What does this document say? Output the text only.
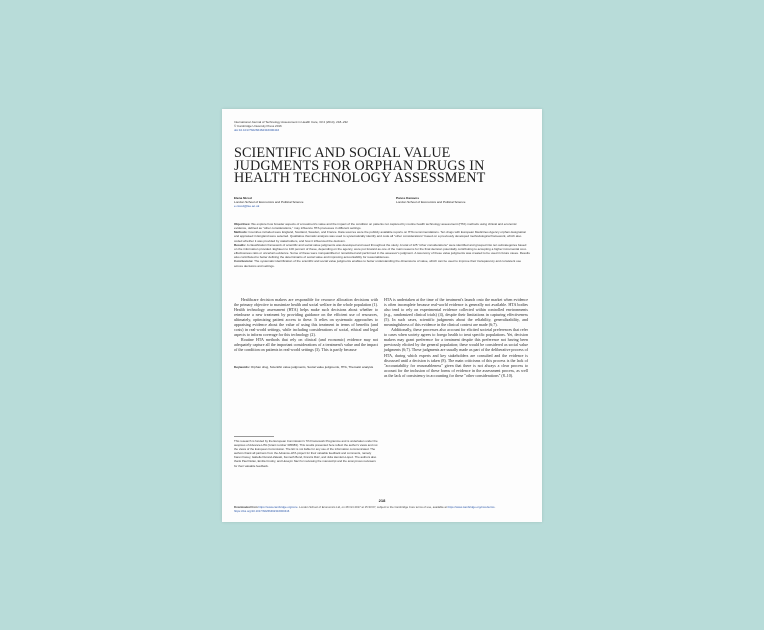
International Journal of Technology Assessment in Health Care, 33:4 (2014), 218–232
© Cambridge University Press 2016
doi:10.1017/S0266462316000416
SCIENTIFIC AND SOCIAL VALUE JUDGMENTS FOR ORPHAN DRUGS IN HEALTH TECHNOLOGY ASSESSMENT
Elena Nicod
London School of Economics and Political Science
e.nicod@lse.ac.uk
Panos Kanavos
London School of Economics and Political Science

Objectives: We explore how broader aspects of a treatment's value and the impact of the condition on patients not captured by routine health technology assessment (HTA) methods using clinical and economic evidence, defined as "other considerations," may influence HTA processes in different settings.

Methods: Countries included were England, Scotland, Sweden, and France. Data sources were the publicly available reports on HTA recommendations. Ten drugs with European Medicines Agency orphan designation and appraised in England were selected. Qualitative thematic analysis was used to systematically identify and code all "other considerations" based on a previously developed methodological framework, which also coded whether it was provided by stakeholders, and how it influenced the decision.

Results: A classification framework of scientific and social value judgments was developed and used throughout the study. A total of 125 "other considerations" were identified and grouped into ten subcategories based on the information provided. Eighteen to 100 percent of these, depending on the agency, were put forward as one of the main reasons for the final decision potentially contributing to accepting a higher incremental cost-effectiveness ratio or uncertain evidence. Some of these were nonquantified or nonelicited and performed in the assessor's judgment. A taxonomy of these value judgments was created to be used in future cases. Results also contributed to better defining the determinants of social value and improving accountability for reasonableness.

Conclusions: The systematic identification of the scientific and social value judgments enables to better understanding the dimensions of value, which can be used to improve their transparency and consistent use across decisions and settings.

Keywords: Orphan drug, Scientific value judgments, Social value judgments, HTA, Thematic analysis

Healthcare decision makers are responsible for resource allocation decisions with the primary objective to maximize health and social welfare in the whole population (1). Health technology assessment (HTA) helps make such decisions about whether to reimburse a new treatment by providing guidance on the efficient use of resources, ultimately, optimizing patient access to these. It relies on systematic approaches to appraising evidence about the value of using this treatment in terms of benefits (and costs) in real-world settings, while including considerations of social, ethical and legal aspects to inform coverage for this technology (2).

Routine HTA methods that rely on clinical (and economic) evidence may not adequately capture all the important considerations of a treatment's value and the impact of the condition on patients in real-world settings (3). This is partly because

HTA is undertaken at the time of the treatment's launch onto the market when evidence is often incomplete because real-world evidence is generally not available. HTA bodies also tend to rely on experimental evidence collected within controlled environments (e.g., randomized clinical trials) (4), despite their limitations in capturing effectiveness (5). In such cases, scientific judgments about the reliability, generalizability, and meaningfulness of this evidence in the clinical context are made (6;7).

Additionally, these processes also account for elicited societal preferences that refer to cases when society agrees to forego health to treat specific populations. Yet, decision makers may grant preference for a treatment despite this preference not having been previously elicited by the general population; these would be considered as social value judgments (6;7). These judgments are usually made as part of the deliberative process of HTA, during which experts and key stakeholders are consulted and the evidence is discussed until a decision is taken (8). The main criticisms of this process is the lack of "accountability for reasonableness" given that there is not always a clear process to account for the inclusion of these forms of evidence in the assessment process, as well as the lack of consistency in accounting for these "other considerations" (8–10).

This research is funded by the European Commission's 7th Framework Programme and is undertaken under the auspices of Advance-HTA (Grant number 305983). This results presented here reflect the author's views and not the views of the European Commission. The EC is not liable for any use of the information communicated. The authors thank all partners from the Advance-HTA project for their valuable feedback and comments, namely Karen Facey, Isabelle Durand-Zaleski, Kenneth Bond, Francis Ruiz, and Julia Hemlein-López. The authors also thank Paul Dolan, Emilia Crosby, and Huseyin Naci for reviewing the manuscript and the anonymous reviewers for their valuable feedback.
218
Downloaded from https://www.cambridge.org/core. London School of Economics Ltd, on 28 Oct 2017 at 15:33:07, subject to the Cambridge Core terms of use, available at https://www.cambridge.org/core/terms. https://doi.org/10.1017/S0266462316000416
